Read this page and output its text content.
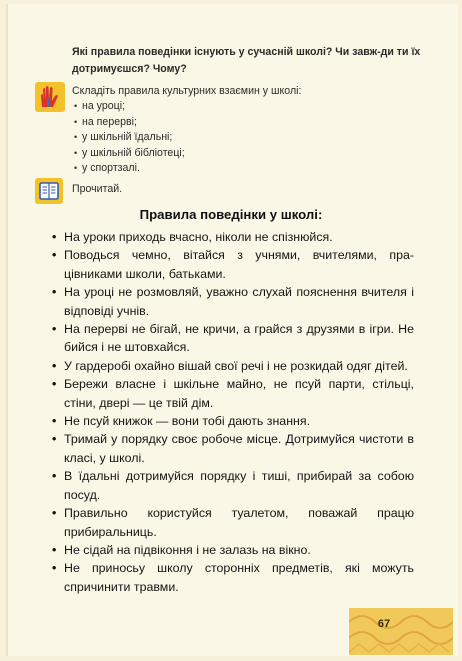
Які правила поведінки існують у сучасній школі? Чи завж-ди ти їх дотримуєшся? Чому?

Складіть правила культурних взаємин у школі:

• на уроці;
• на перерві;
• у шкільній їдальні;
• у шкільній бібліотеці;
• у спортзалі.

Прочитай.

Правила поведінки у школі:
• На уроки приходь вчасно, ніколи не спізнюйся.
• Поводься чемно, вітайся з учнями, вчителями, пра-цівниками школи, батьками.
• На уроці не розмовляй, уважно слухай пояснення вчителя і відповіді учнів.
• На перерві не бігай, не кричи, а грайся з друзями в ігри. Не бийся і не штовхайся.
• У гардеробі охайно вішай свої речі і не розкидай одяг дітей.
• Бережи власне і шкільне майно, не псуй парти, стільці, стіни, двері — це твій дім.
• Не псуй книжок — вони тобі дають знання.
• Тримай у порядку своє робоче місце. Дотримуйся чистоти в класі, у школі.
• В їдальні дотримуйся порядку і тиші, прибирай за собою посуд.
• Правильно користуйся туалетом, поважай працю прибиральниць.
• Не сідай на підвіконня і не залазь на вікно.
• Не приносьу школу сторонніх предметів, які можуть спричинити травми.

67
